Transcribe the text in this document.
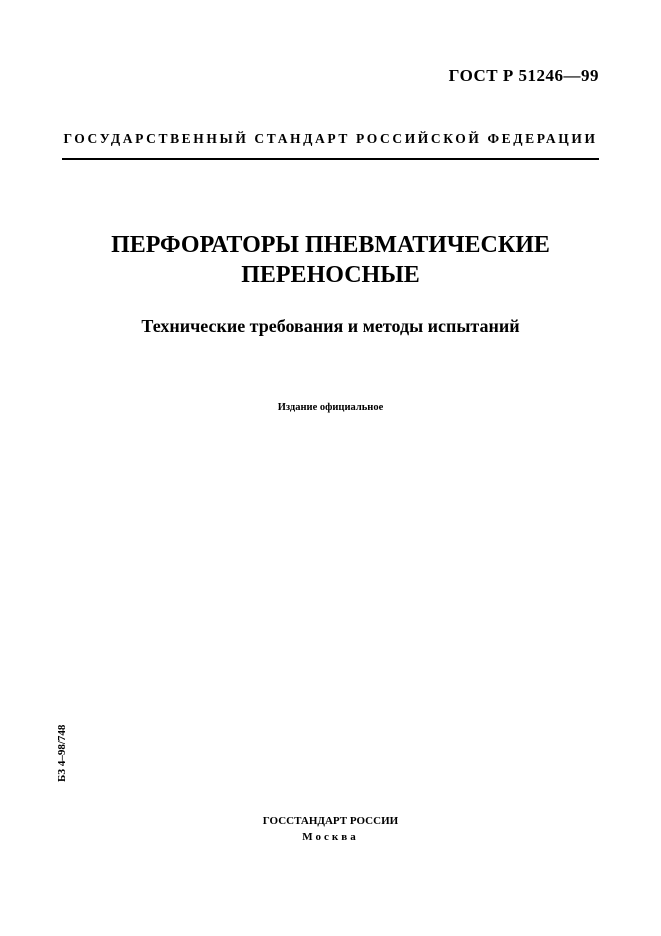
ГОСТ Р 51246—99
ГОСУДАРСТВЕННЫЙ СТАНДАРТ РОССИЙСКОЙ ФЕДЕРАЦИИ
ПЕРФОРАТОРЫ ПНЕВМАТИЧЕСКИЕ
ПЕРЕНОСНЫЕ
Технические требования и методы испытаний
Издание официальное
БЗ 4–98/748
ГОССТАНДАРТ РОССИИ
Москва
